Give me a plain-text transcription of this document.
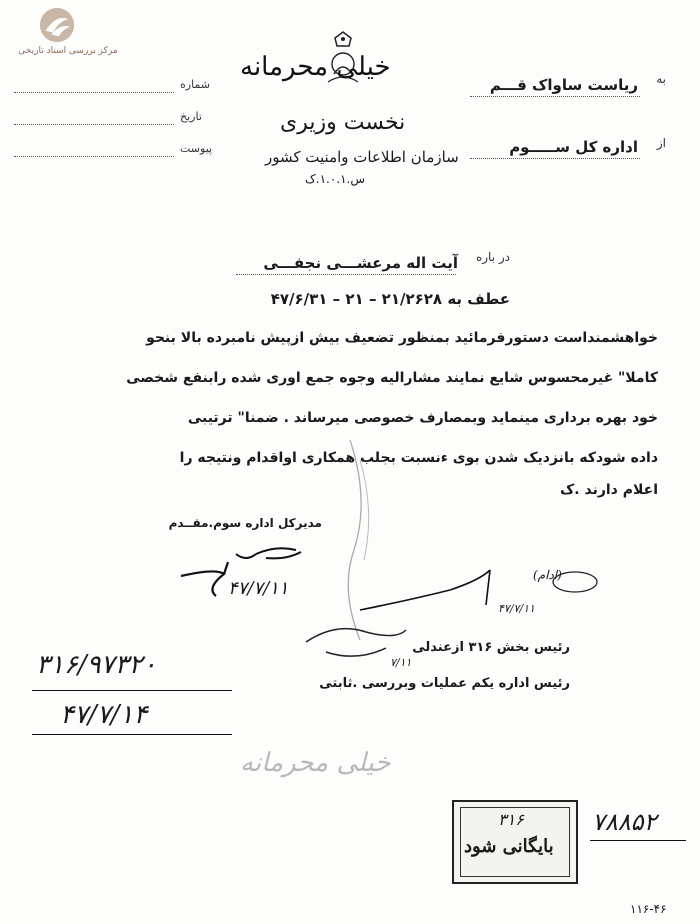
مرکز بررسی اسناد تاریخی
شماره
تاریخ
پیوست
خیلی محرمانه
نخست وزیری
سازمان اطلاعات وامنیت کشور
س.۱.۰.۱.ک
به
ریاست ساواک قـــم
از
اداره کل ســـــوم
در باره
آیت اله مرعشـــی نجفـــی
عطف به ۲۱/۲۶۲۸ – ۲۱ – ۴۷/۶/۳۱
خواهشمنداست دستورفرمائید بمنظور تضعیف بیش ازپیش نامبرده بالا بنحو
کاملا" غیرمحسوس شایع نمایند مشارالیه وجوه جمع اوری شده رابنفع شخصی
خود بهره برداری مینماید وبمصارف خصوصی میرساند . ضمنا" ترتیبی
داده شودکه بانزدیک شدن بوی ءنسبت بجلب همکاری اواقدام ونتیجه را
اعلام دارند .ک
مدیرکل اداره سوم.مقــدم
۴۷/۷/۱۱
(ادام)
۴۷/۷/۱۱
رئیس بخش ۳۱۶ ازعندلی
۷/۱۱
رئیس اداره یکم عملیات وبررسی .ثابتی
۳۱۶/۹۷۳۲۰
۴۷/۷/۱۴
خیلی محرمانه
۳۱۶
بایگانی شود
۷۸۸۵۲
۱۱۶-۴۶
